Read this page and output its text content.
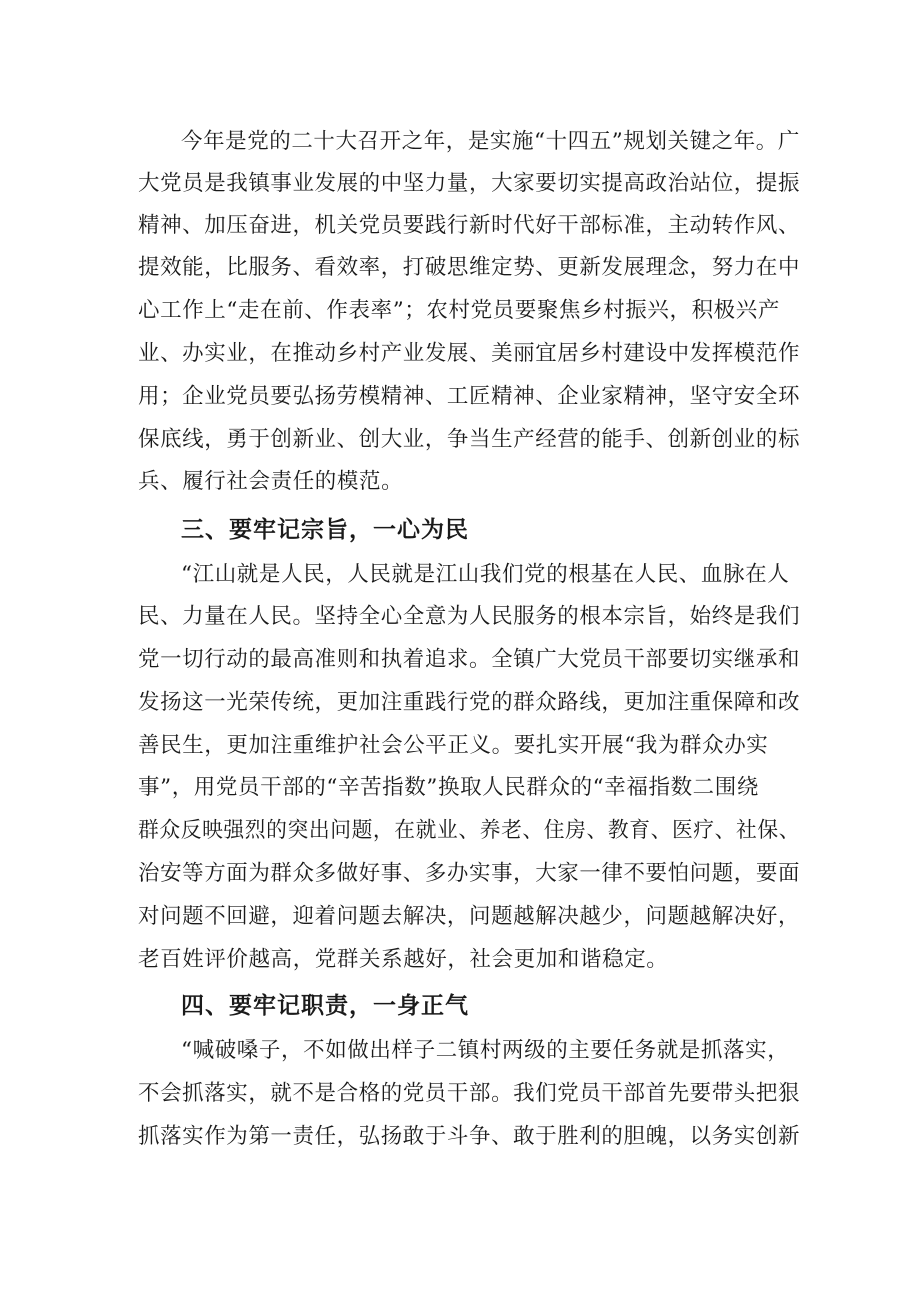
今年是党的二十大召开之年，是实施“十四五”规划关键之年。广
大党员是我镇事业发展的中坚力量，大家要切实提高政治站位，提振
精神、加压奋进，机关党员要践行新时代好干部标准，主动转作风、
提效能，比服务、看效率，打破思维定势、更新发展理念，努力在中
心工作上“走在前、作表率”；农村党员要聚焦乡村振兴，积极兴产
业、办实业，在推动乡村产业发展、美丽宜居乡村建设中发挥模范作
用；企业党员要弘扬劳模精神、工匠精神、企业家精神，坚守安全环
保底线，勇于创新业、创大业，争当生产经营的能手、创新创业的标
兵、履行社会责任的模范。
三、要牢记宗旨，一心为民
“江山就是人民，人民就是江山我们党的根基在人民、血脉在人
民、力量在人民。坚持全心全意为人民服务的根本宗旨，始终是我们
党一切行动的最高准则和执着追求。全镇广大党员干部要切实继承和
发扬这一光荣传统，更加注重践行党的群众路线，更加注重保障和改
善民生，更加注重维护社会公平正义。要扎实开展“我为群众办实
事”，用党员干部的“辛苦指数”换取人民群众的“幸福指数二围绕
群众反映强烈的突出问题，在就业、养老、住房、教育、医疗、社保、
治安等方面为群众多做好事、多办实事，大家一律不要怕问题，要面
对问题不回避，迎着问题去解决，问题越解决越少，问题越解决好，
老百姓评价越高，党群关系越好，社会更加和谐稳定。
四、要牢记职责，一身正气
“喊破嗓子，不如做出样子二镇村两级的主要任务就是抓落实，
不会抓落实，就不是合格的党员干部。我们党员干部首先要带头把狠
抓落实作为第一责任，弘扬敢于斗争、敢于胜利的胆魄，以务实创新
